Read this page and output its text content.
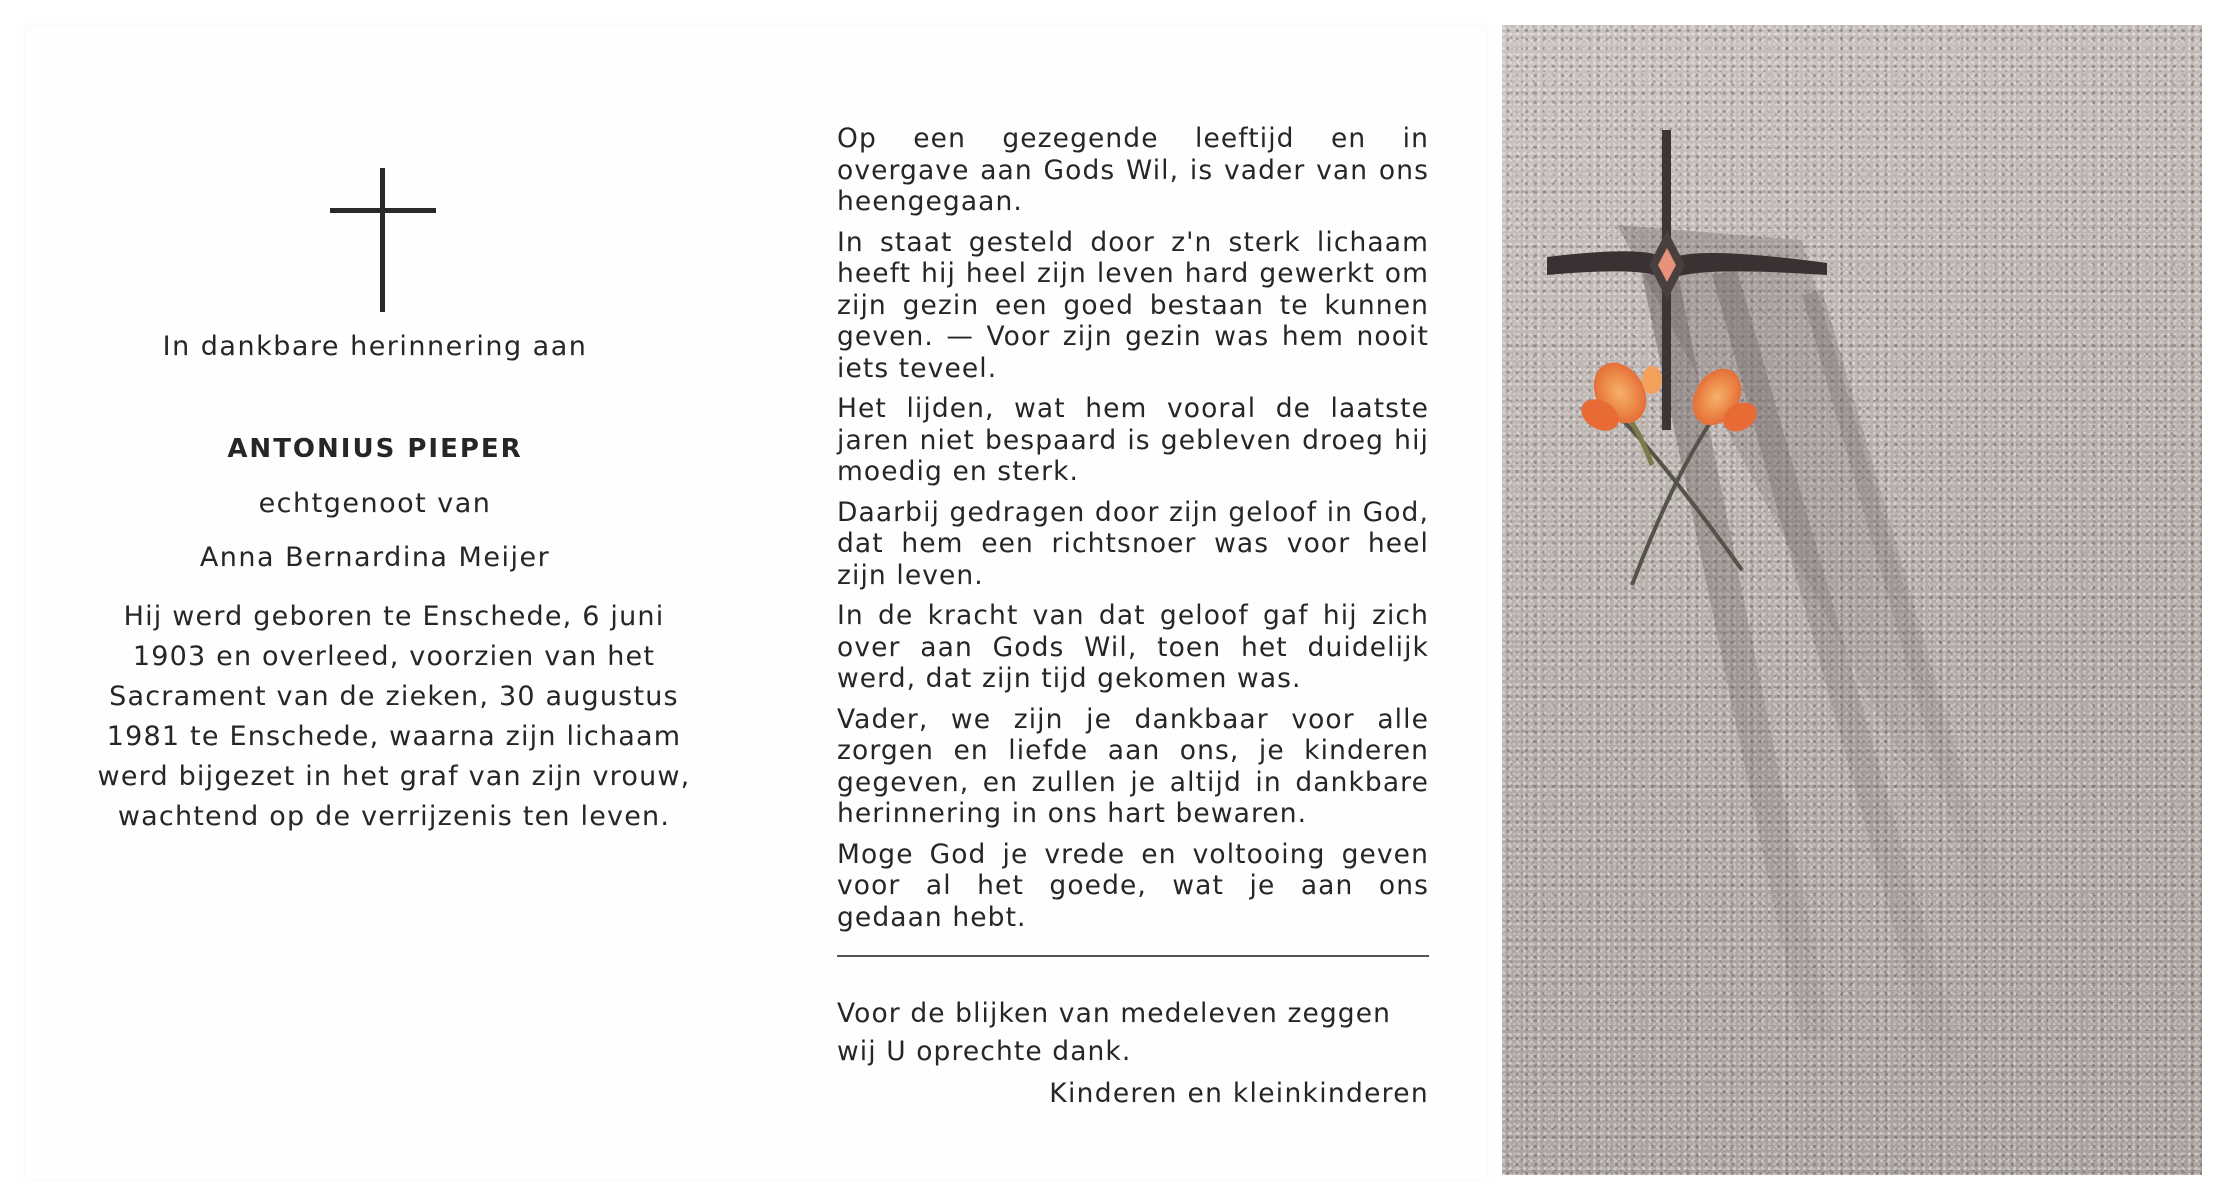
In dankbare herinnering aan

ANTONIUS PIEPER

echtgenoot van

Anna Bernardina Meijer

Hij werd geboren te Enschede, 6 juni 1903 en overleed, voorzien van het Sacrament van de zieken, 30 augustus 1981 te Enschede, waarna zijn lichaam werd bijgezet in het graf van zijn vrouw, wachtend op de verrijzenis ten leven.

Op een gezegende leeftijd en in overgave aan Gods Wil, is vader van ons heengegaan.

In staat gesteld door z'n sterk lichaam heeft hij heel zijn leven hard gewerkt om zijn gezin een goed bestaan te kunnen geven. — Voor zijn gezin was hem nooit iets teveel.

Het lijden, wat hem vooral de laatste jaren niet bespaard is gebleven droeg hij moedig en sterk.

Daarbij gedragen door zijn geloof in God, dat hem een richtsnoer was voor heel zijn leven.

In de kracht van dat geloof gaf hij zich over aan Gods Wil, toen het duidelijk werd, dat zijn tijd gekomen was.

Vader, we zijn je dankbaar voor alle zorgen en liefde aan ons, je kinderen gegeven, en zullen je altijd in dankbare herinnering in ons hart bewaren.

Moge God je vrede en voltooing geven voor al het goede, wat je aan ons gedaan hebt.

Voor de blijken van medeleven zeggen wij U oprechte dank.

Kinderen en kleinkinderen
